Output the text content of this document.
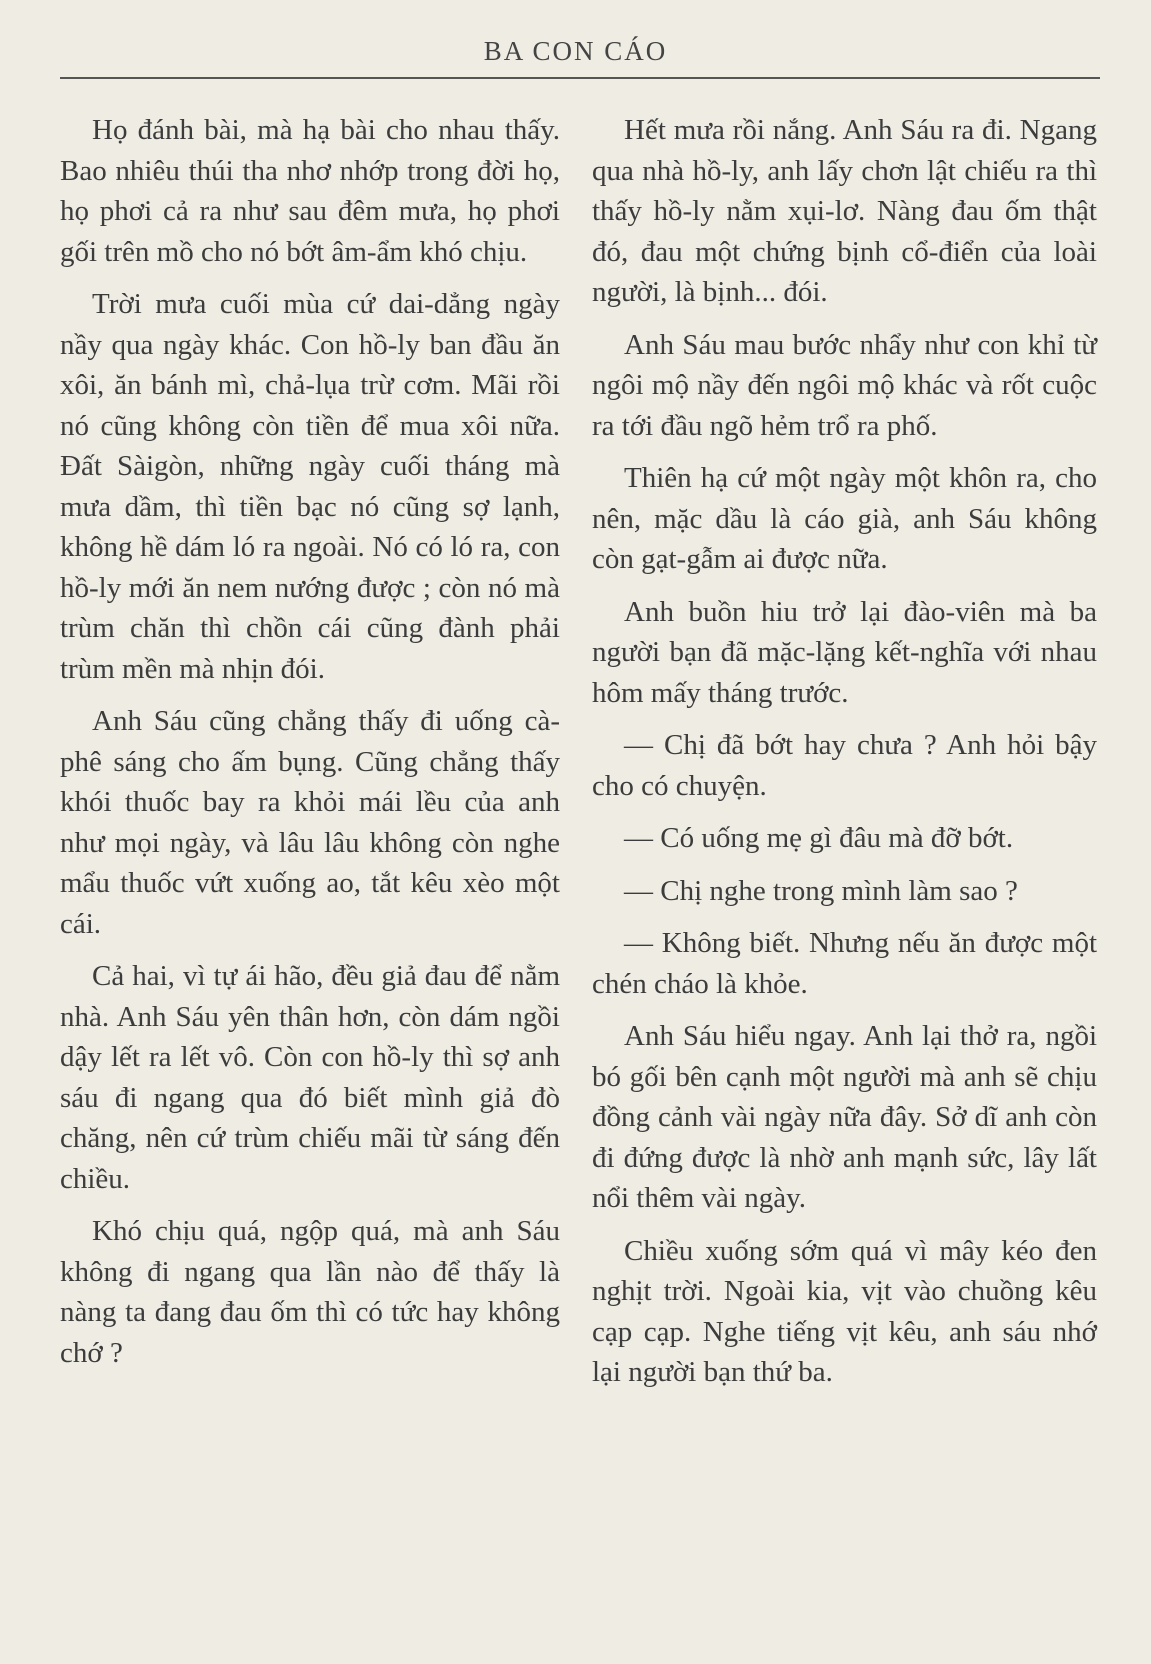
BA CON CÁO

Họ đánh bài, mà hạ bài cho nhau thấy. Bao nhiêu thúi tha nhơ nhớp trong đời họ, họ phơi cả ra như sau đêm mưa, họ phơi gối trên mồ cho nó bớt âm-ẩm khó chịu.

Trời mưa cuối mùa cứ dai-dẳng ngày nầy qua ngày khác. Con hồ-ly ban đầu ăn xôi, ăn bánh mì, chả-lụa trừ cơm. Mãi rồi nó cũng không còn tiền để mua xôi nữa. Đất Sàigòn, những ngày cuối tháng mà mưa dầm, thì tiền bạc nó cũng sợ lạnh, không hề dám ló ra ngoài. Nó có ló ra, con hồ-ly mới ăn nem nướng được ; còn nó mà trùm chăn thì chồn cái cũng đành phải trùm mền mà nhịn đói.

Anh Sáu cũng chẳng thấy đi uống cà-phê sáng cho ấm bụng. Cũng chẳng thấy khói thuốc bay ra khỏi mái lều của anh như mọi ngày, và lâu lâu không còn nghe mẩu thuốc vứt xuống ao, tắt kêu xèo một cái.

Cả hai, vì tự ái hão, đều giả đau để nằm nhà. Anh Sáu yên thân hơn, còn dám ngồi dậy lết ra lết vô. Còn con hồ-ly thì sợ anh sáu đi ngang qua đó biết mình giả đò chăng, nên cứ trùm chiếu mãi từ sáng đến chiều.

Khó chịu quá, ngộp quá, mà anh Sáu không đi ngang qua lần nào để thấy là nàng ta đang đau ốm thì có tức hay không chớ ?

Hết mưa rồi nắng. Anh Sáu ra đi. Ngang qua nhà hồ-ly, anh lấy chơn lật chiếu ra thì thấy hồ-ly nằm xụi-lơ. Nàng đau ốm thật đó, đau một chứng bịnh cổ-điển của loài người, là bịnh... đói.

Anh Sáu mau bước nhẩy như con khỉ từ ngôi mộ nầy đến ngôi mộ khác và rốt cuộc ra tới đầu ngõ hẻm trổ ra phố.

Thiên hạ cứ một ngày một khôn ra, cho nên, mặc dầu là cáo già, anh Sáu không còn gạt-gẫm ai được nữa.

Anh buồn hiu trở lại đào-viên mà ba người bạn đã mặc-lặng kết-nghĩa với nhau hôm mấy tháng trước.

— Chị đã bớt hay chưa ? Anh hỏi bậy cho có chuyện.

— Có uống mẹ gì đâu mà đỡ bớt.

— Chị nghe trong mình làm sao ?

— Không biết. Nhưng nếu ăn được một chén cháo là khỏe.

Anh Sáu hiểu ngay. Anh lại thở ra, ngồi bó gối bên cạnh một người mà anh sẽ chịu đồng cảnh vài ngày nữa đây. Sở dĩ anh còn đi đứng được là nhờ anh mạnh sức, lây lất nổi thêm vài ngày.

Chiều xuống sớm quá vì mây kéo đen nghịt trời. Ngoài kia, vịt vào chuồng kêu cạp cạp. Nghe tiếng vịt kêu, anh sáu nhớ lại người bạn thứ ba.
